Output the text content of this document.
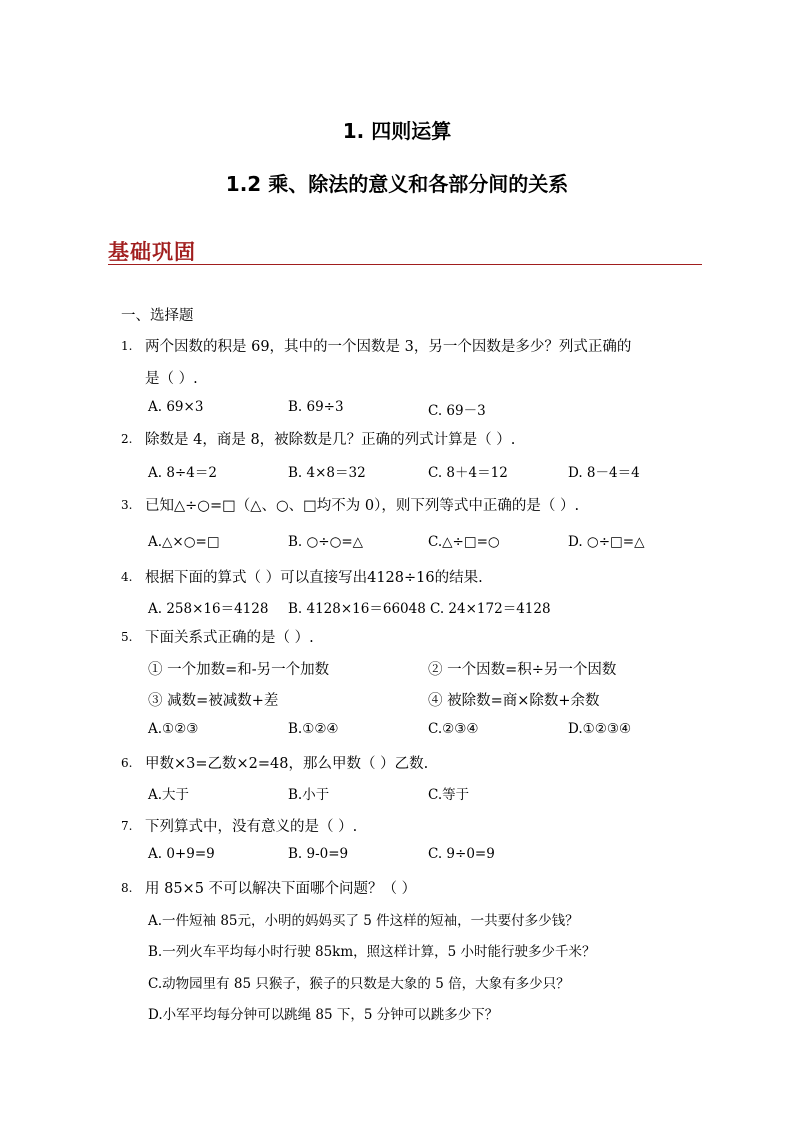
1. 四则运算
1.2 乘、除法的意义和各部分间的关系
基础巩固
一、选择题
1. 两个因数的积是 69，其中的一个因数是 3，另一个因数是多少？列式正确的
是（ ）.
A. 69×3	B. 69÷3	C. 69－3
2. 除数是 4，商是 8，被除数是几？正确的列式计算是（ ）.
A. 8÷4＝2	B. 4×8＝32	C. 8＋4＝12	D. 8－4＝4
3. 已知△÷○=□（△、○、□均不为 0），则下列等式中正确的是（ ）.
A.△×○=□	B. ○÷○=△	C.△÷□=○	D. ○÷□=△
4. 根据下面的算式（ ）可以直接写出4128÷16的结果.
A. 258×16＝4128 B. 4128×16＝66048 C. 24×172＝4128
5. 下面关系式正确的是（ ）.
① 一个加数=和-另一个加数	② 一个因数=积÷另一个因数
③ 减数=被减数+差	④ 被除数=商×除数+余数
A.①②③	B.①②④	C.②③④	D.①②③④
6. 甲数×3=乙数×2=48，那么甲数（ ）乙数.
A.大于	B.小于	C.等于
7. 下列算式中，没有意义的是（ ）.
A. 0+9=9	B. 9-0=9	C. 9÷0=9
8. 用 85×5 不可以解决下面哪个问题？（ ）
A.一件短袖 85元，小明的妈妈买了 5 件这样的短袖，一共要付多少钱？
B.一列火车平均每小时行驶 85km，照这样计算，5 小时能行驶多少千米？
C.动物园里有 85 只猴子，猴子的只数是大象的 5 倍，大象有多少只？
D.小军平均每分钟可以跳绳 85 下，5 分钟可以跳多少下？
